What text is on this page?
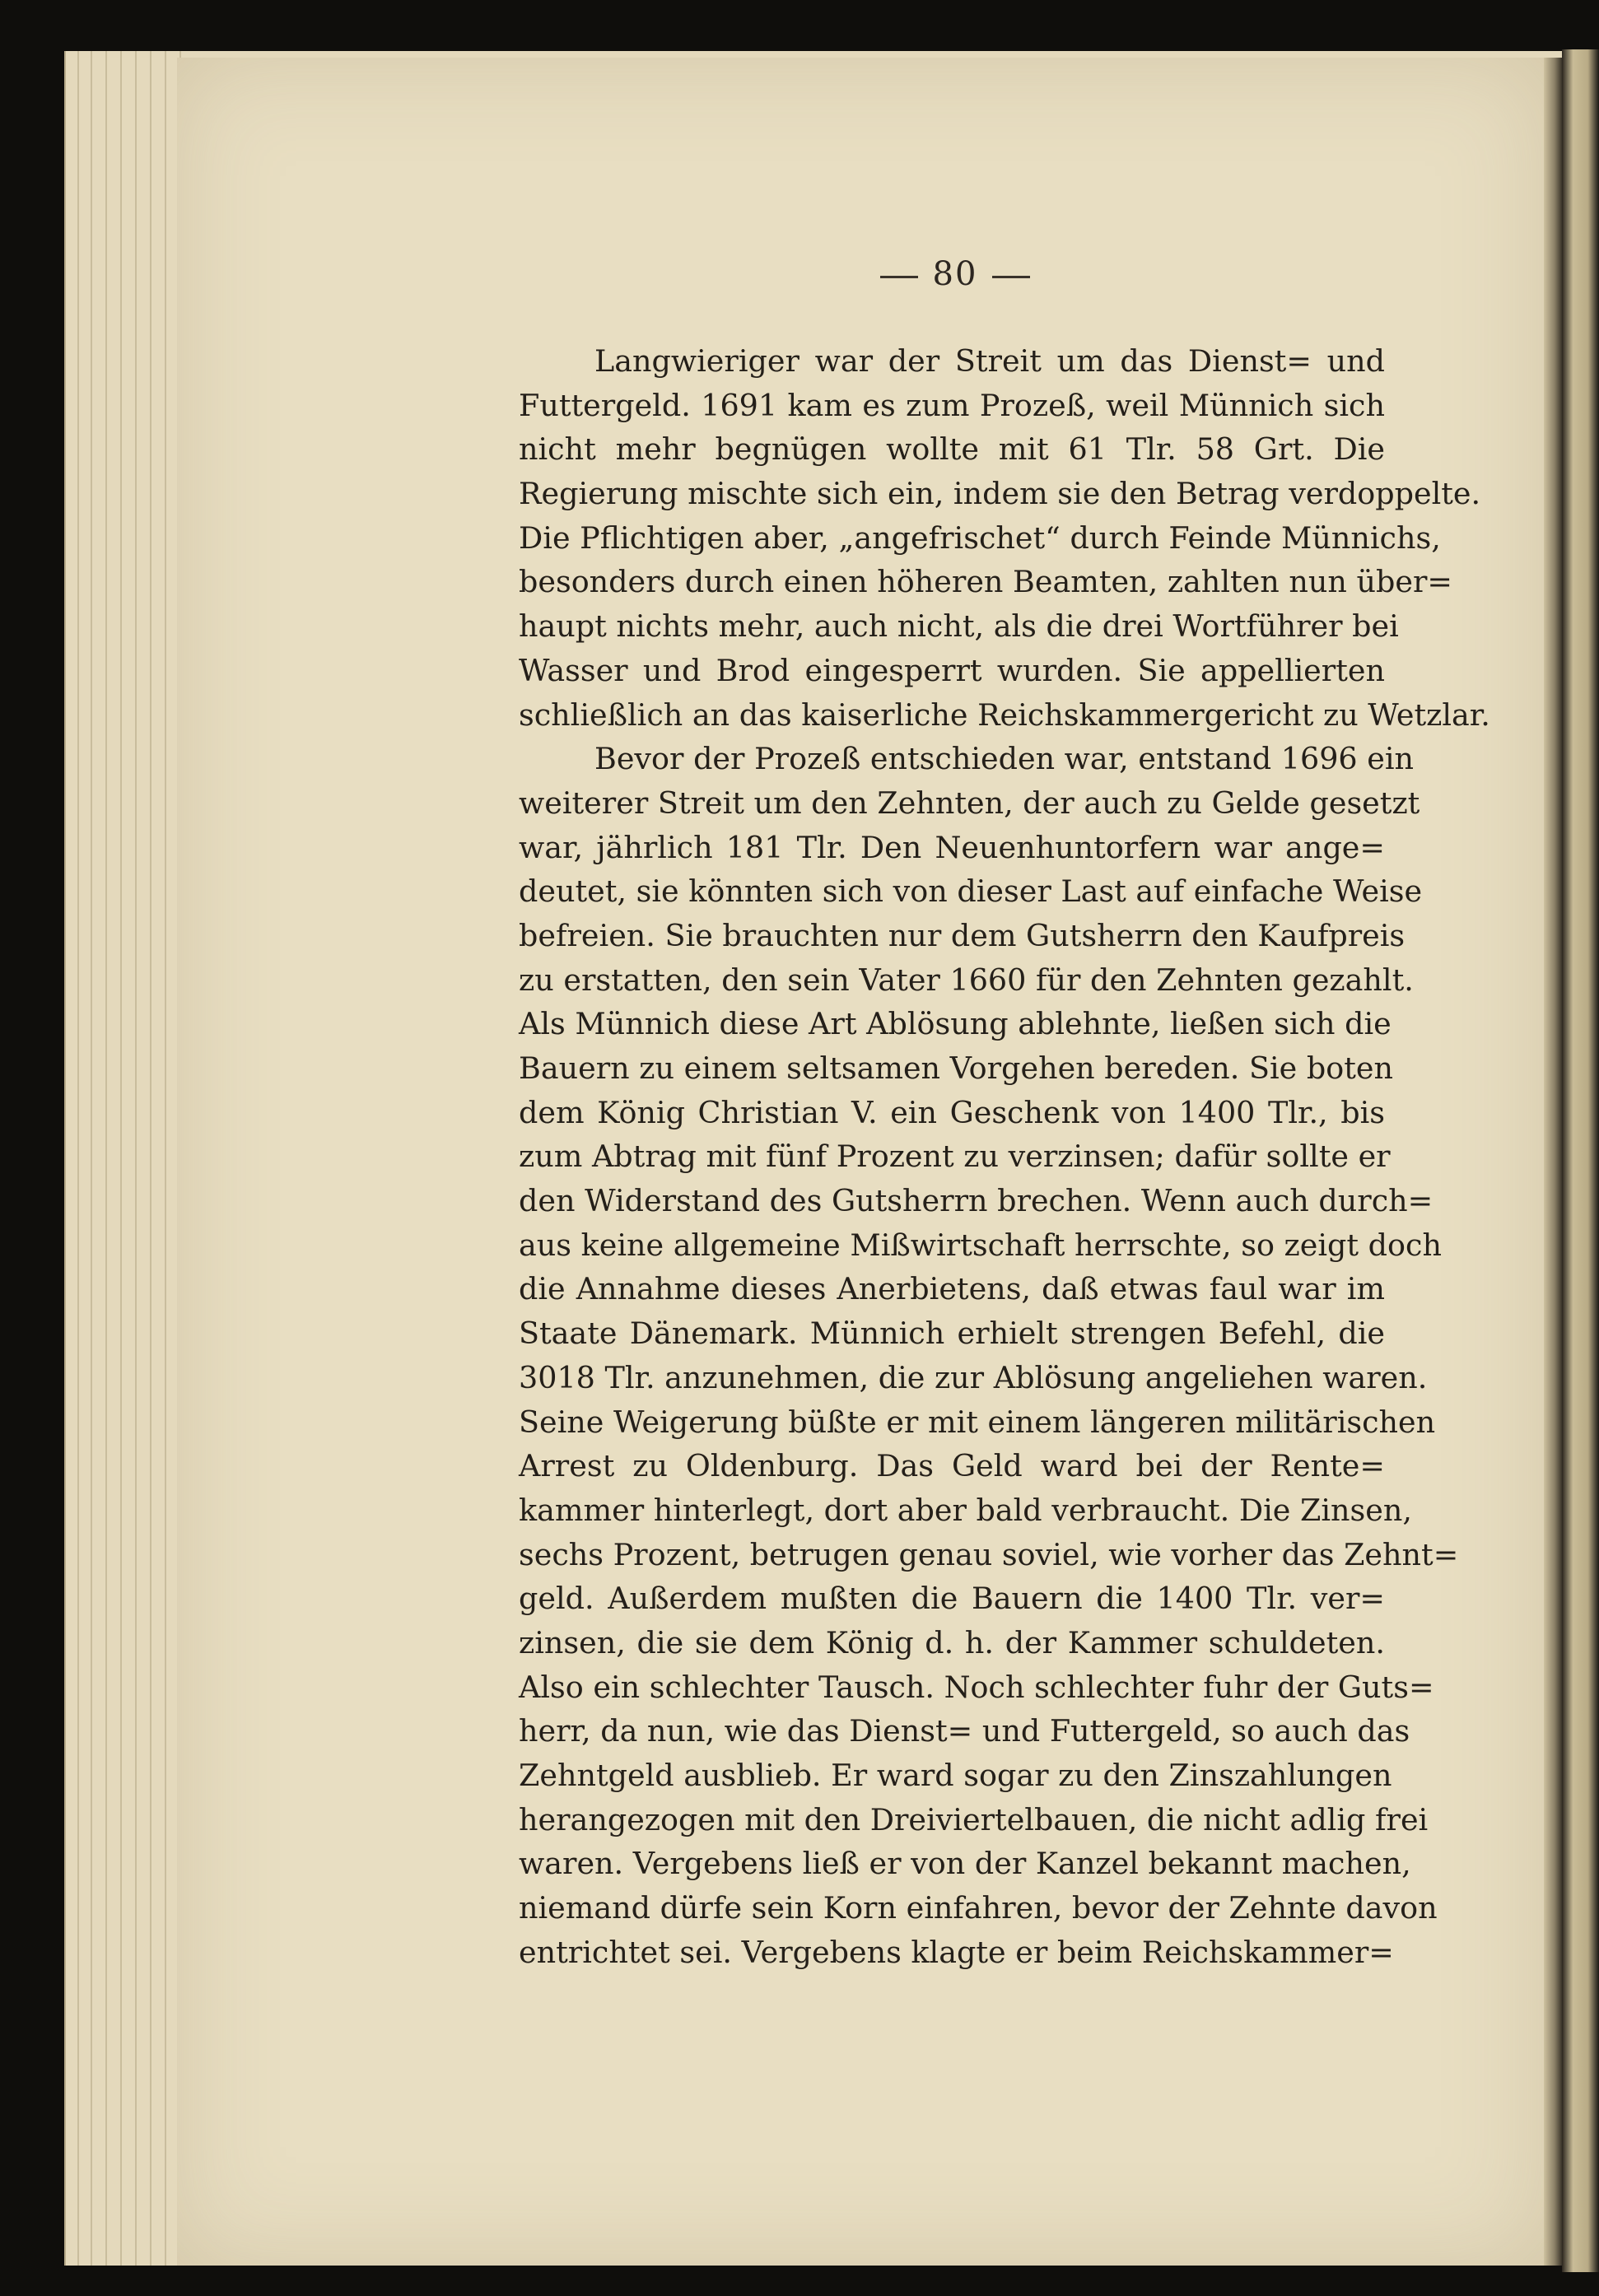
80
Langwieriger war der Streit um das Dienst= und
Futtergeld. 1691 kam es zum Prozeß, weil Münnich sich
nicht mehr begnügen wollte mit 61 Tlr. 58 Grt. Die
Regierung mischte sich ein, indem sie den Betrag verdoppelte.
Die Pflichtigen aber, „angefrischet“ durch Feinde Münnichs,
besonders durch einen höheren Beamten, zahlten nun über=
haupt nichts mehr, auch nicht, als die drei Wortführer bei
Wasser und Brod eingesperrt wurden. Sie appellierten
schließlich an das kaiserliche Reichskammergericht zu Wetzlar.
Bevor der Prozeß entschieden war, entstand 1696 ein
weiterer Streit um den Zehnten, der auch zu Gelde gesetzt
war, jährlich 181 Tlr. Den Neuenhuntorfern war ange=
deutet, sie könnten sich von dieser Last auf einfache Weise
befreien. Sie brauchten nur dem Gutsherrn den Kaufpreis
zu erstatten, den sein Vater 1660 für den Zehnten gezahlt.
Als Münnich diese Art Ablösung ablehnte, ließen sich die
Bauern zu einem seltsamen Vorgehen bereden. Sie boten
dem König Christian V. ein Geschenk von 1400 Tlr., bis
zum Abtrag mit fünf Prozent zu verzinsen; dafür sollte er
den Widerstand des Gutsherrn brechen. Wenn auch durch=
aus keine allgemeine Mißwirtschaft herrschte, so zeigt doch
die Annahme dieses Anerbietens, daß etwas faul war im
Staate Dänemark. Münnich erhielt strengen Befehl, die
3018 Tlr. anzunehmen, die zur Ablösung angeliehen waren.
Seine Weigerung büßte er mit einem längeren militärischen
Arrest zu Oldenburg. Das Geld ward bei der Rente=
kammer hinterlegt, dort aber bald verbraucht. Die Zinsen,
sechs Prozent, betrugen genau soviel, wie vorher das Zehnt=
geld. Außerdem mußten die Bauern die 1400 Tlr. ver=
zinsen, die sie dem König d. h. der Kammer schuldeten.
Also ein schlechter Tausch. Noch schlechter fuhr der Guts=
herr, da nun, wie das Dienst= und Futtergeld, so auch das
Zehntgeld ausblieb. Er ward sogar zu den Zinszahlungen
herangezogen mit den Dreiviertelbauen, die nicht adlig frei
waren. Vergebens ließ er von der Kanzel bekannt machen,
niemand dürfe sein Korn einfahren, bevor der Zehnte davon
entrichtet sei. Vergebens klagte er beim Reichskammer=
